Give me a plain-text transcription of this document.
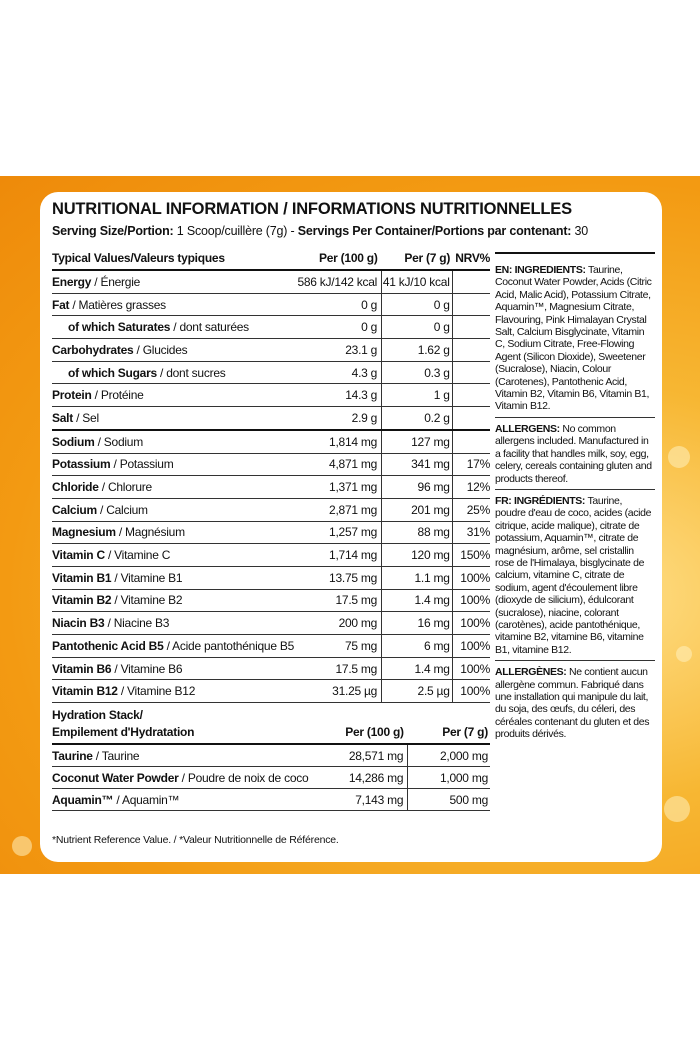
NUTRITIONAL INFORMATION / INFORMATIONS NUTRITIONNELLES
Serving Size/Portion: 1 Scoop/cuillère (7g) - Servings Per Container/Portions par contenant: 30
Typical Values/Valeurs typiques	Per (100 g)	Per (7 g)	NRV%
Energy / Énergie	586 kJ/142 kcal	41 kJ/10 kcal	
Fat / Matières grasses	0 g	0 g	
of which Saturates / dont saturées	0 g	0 g	
Carbohydrates / Glucides	23.1 g	1.62 g	
of which Sugars / dont sucres	4.3 g	0.3 g	
Protein / Protéine	14.3 g	1 g	
Salt / Sel	2.9 g	0.2 g	
Sodium / Sodium	1,814 mg	127 mg	
Potassium / Potassium	4,871 mg	341 mg	17%
Chloride / Chlorure	1,371 mg	96 mg	12%
Calcium / Calcium	2,871 mg	201 mg	25%
Magnesium / Magnésium	1,257 mg	88 mg	31%
Vitamin C / Vitamine C	1,714 mg	120 mg	150%
Vitamin B1 / Vitamine B1	13.75 mg	1.1 mg	100%
Vitamin B2 / Vitamine B2	17.5 mg	1.4 mg	100%
Niacin B3 / Niacine B3	200 mg	16 mg	100%
Pantothenic Acid B5 / Acide pantothénique B5	75 mg	6 mg	100%
Vitamin B6 / Vitamine B6	17.5 mg	1.4 mg	100%
Vitamin B12 / Vitamine B12	31.25 µg	2.5 µg	100%
Hydration Stack/
Empilement d'Hydratation	Per (100 g)	Per (7 g)
Taurine / Taurine	28,571 mg	2,000 mg
Coconut Water Powder / Poudre de noix de coco	14,286 mg	1,000 mg
Aquamin™ / Aquamin™	7,143 mg	500 mg
*Nutrient Reference Value. / *Valeur Nutritionnelle de Référence.

EN: INGREDIENTS: Taurine, Coconut Water Powder, Acids (Citric Acid, Malic Acid), Potassium Citrate, Aquamin™, Magnesium Citrate, Flavouring, Pink Himalayan Crystal Salt, Calcium Bisglycinate, Vitamin C, Sodium Citrate, Free-Flowing Agent (Silicon Dioxide), Sweetener (Sucralose), Niacin, Colour (Carotenes), Pantothenic Acid, Vitamin B2, Vitamin B6, Vitamin B1, Vitamin B12.

ALLERGENS: No common allergens included. Manufactured in a facility that handles milk, soy, egg, celery, cereals containing gluten and products thereof.

FR: INGRÉDIENTS: Taurine, poudre d'eau de coco, acides (acide citrique, acide malique), citrate de potassium, Aquamin™, citrate de magnésium, arôme, sel cristallin rose de l'Himalaya, bisglycinate de calcium, vitamine C, citrate de sodium, agent d'écoulement libre (dioxyde de silicium), édulcorant (sucralose), niacine, colorant (carotènes), acide pantothénique, vitamine B2, vitamine B6, vitamine B1, vitamine B12.

ALLERGÈNES: Ne contient aucun allergène commun. Fabriqué dans une installation qui manipule du lait, du soja, des œufs, du céleri, des céréales contenant du gluten et des produits dérivés.
